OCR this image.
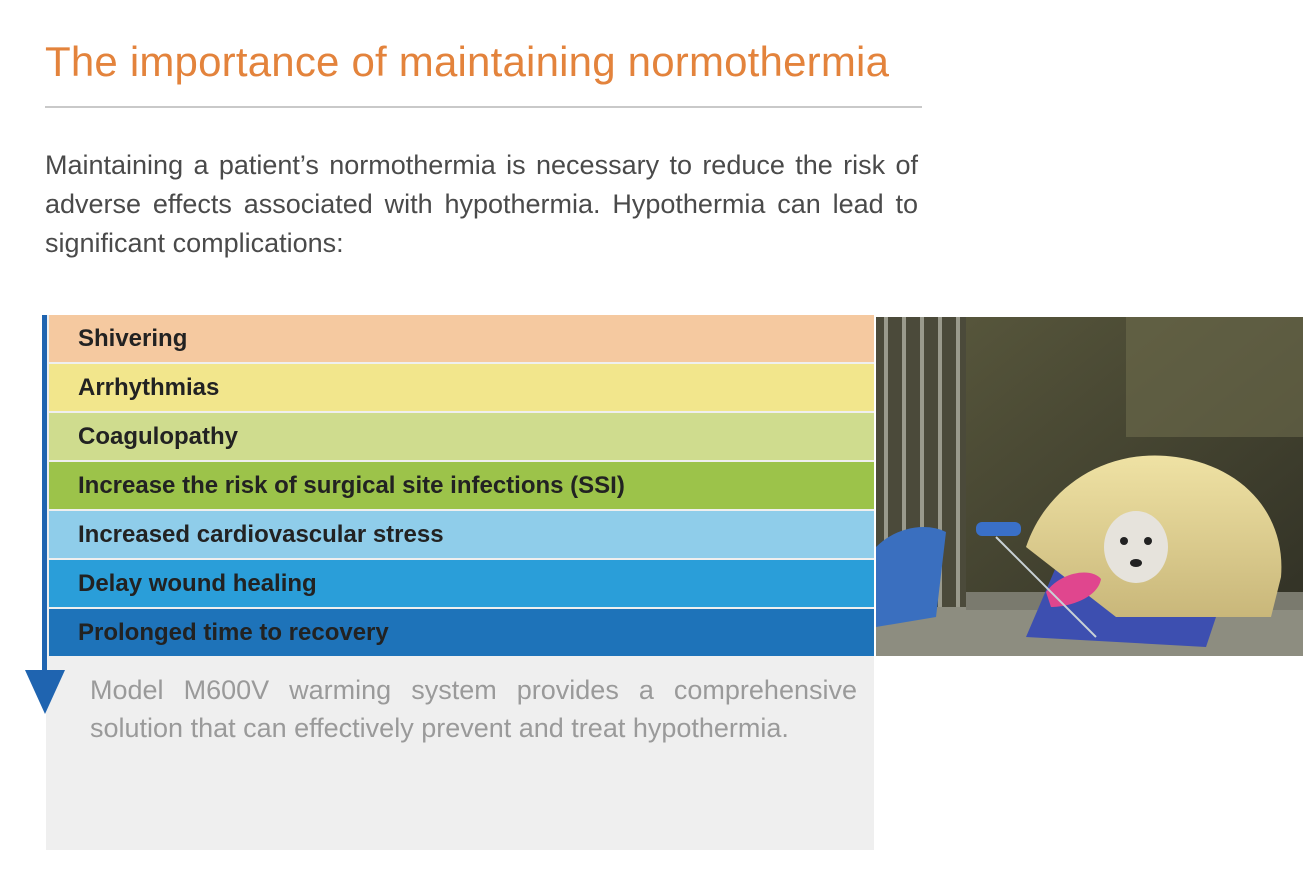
The importance of maintaining normothermia

Maintaining a patient’s normothermia is necessary to reduce the risk of adverse effects associated with hypothermia. Hypothermia can lead to significant complications:

Shivering
Arrhythmias
Coagulopathy
Increase the risk of surgical site infections (SSI)
Increased cardiovascular stress
Delay wound healing
Prolonged time to recovery

Model M600V warming system provides a comprehensive solution that can effectively prevent and treat hypothermia.
